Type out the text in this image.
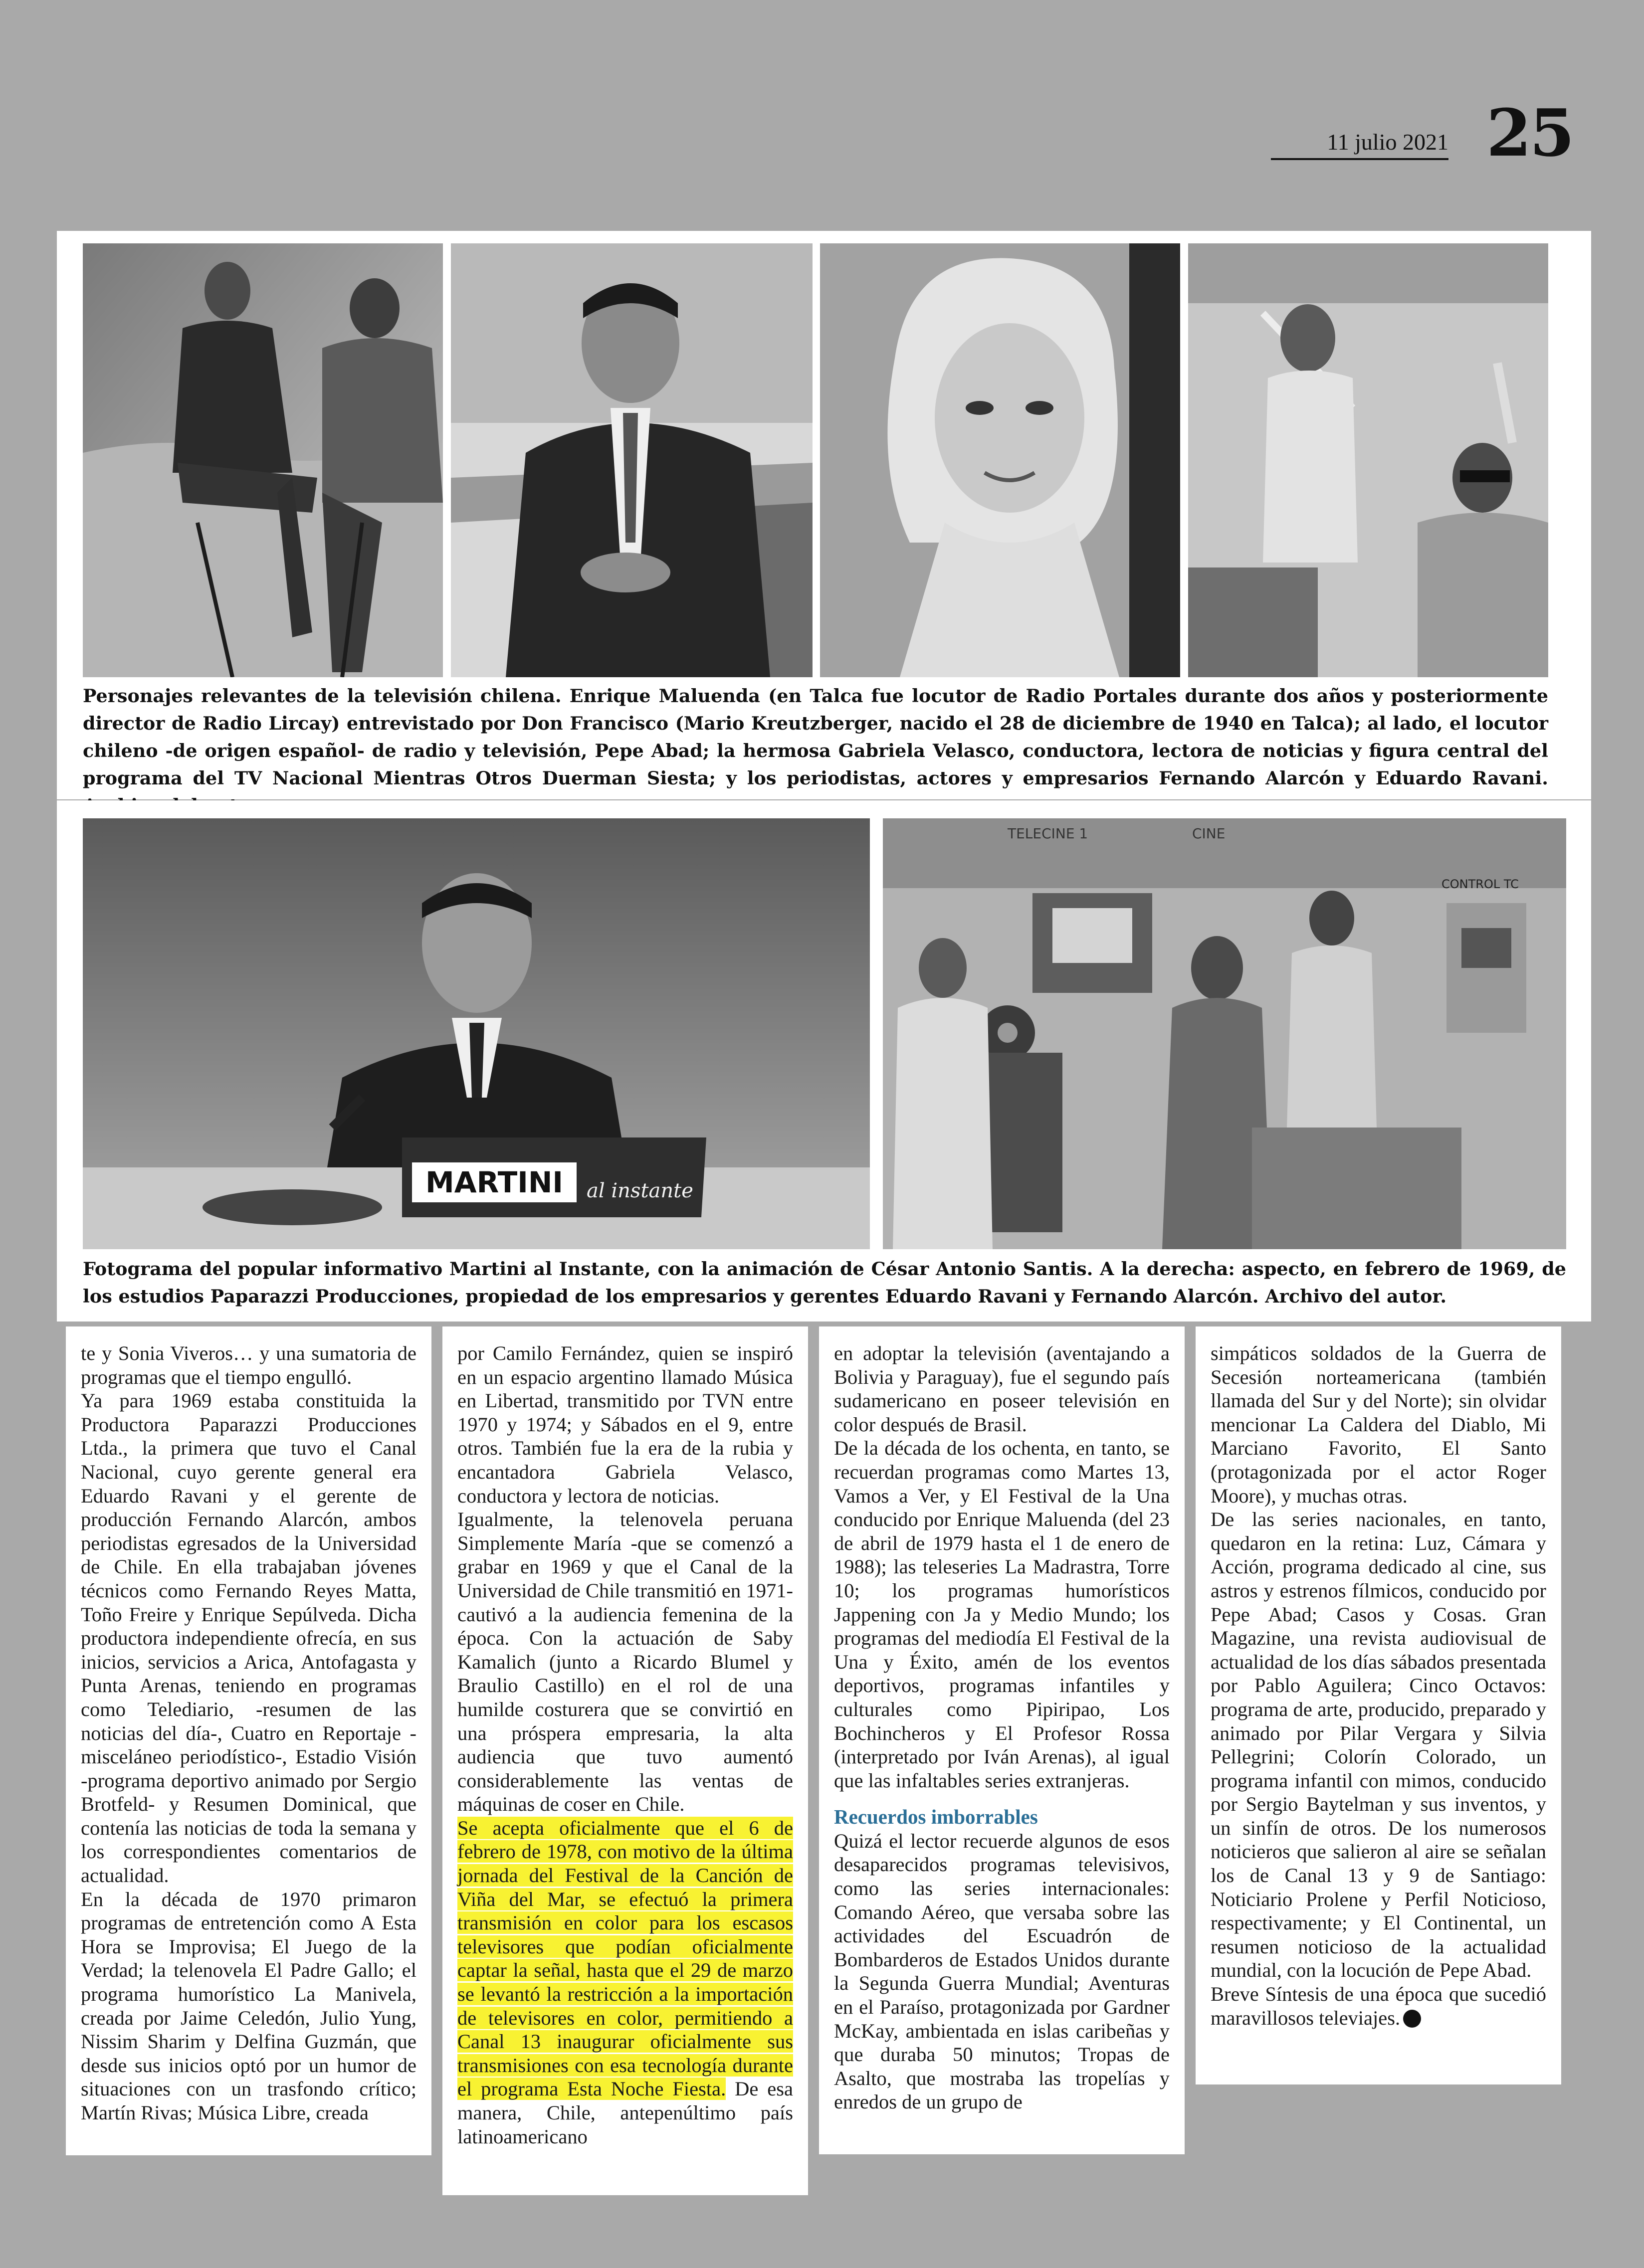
11 julio 2021 25
Personajes relevantes de la televisión chilena. Enrique Maluenda (en Talca fue locutor de Radio Portales durante dos años y posteriormente director de Radio Lircay) entrevistado por Don Francisco (Mario Kreutzberger, nacido el 28 de diciembre de 1940 en Talca); al lado, el locutor chileno -de origen español- de radio y televisión, Pepe Abad; la hermosa Gabriela Velasco, conductora, lectora de noticias y figura central del programa del TV Nacional Mientras Otros Duerman Siesta; y los periodistas, actores y empresarios Fernando Alarcón y Eduardo Ravani.
MARTINI al instante
TELECINE 1	CINE
CONTROL TC
Fotograma del popular informativo Martini al Instante, con la animación de César Antonio Santis. A la derecha: aspecto, en febrero de 1969, de los estudios Paparazzi Producciones, propiedad de los empresarios y gerentes Eduardo Ravani y Fernando Alarcón. Archivo del autor.

te y Sonia Viveros… y una sumatoria de programas que el tiempo engulló.

Ya para 1969 estaba constituida la Productora Paparazzi Producciones Ltda., la primera que tuvo el Canal Nacional, cuyo gerente general era Eduardo Ravani y el gerente de producción Fernando Alarcón, ambos periodistas egresados de la Universidad de Chile. En ella trabajaban jóvenes técnicos como Fernando Reyes Matta, Toño Freire y Enrique Sepúlveda. Dicha productora independiente ofrecía, en sus inicios, servicios a Arica, Antofagasta y Punta Arenas, teniendo en programas como Telediario, -resumen de las noticias del día-, Cuatro en Reportaje -misceláneo periodístico-, Estadio Visión -programa deportivo animado por Sergio Brotfeld- y Resumen Dominical, que contenía las noticias de toda la semana y los correspondientes comentarios de actualidad.

En la década de 1970 primaron programas de entretención como A Esta Hora se Improvisa; El Juego de la Verdad; la telenovela El Padre Gallo; el programa humorístico La Manivela, creada por Jaime Celedón, Julio Yung, Nissim Sharim y Delfina Guzmán, que desde sus inicios optó por un humor de situaciones con un trasfondo crítico; Martín Rivas; Música Libre, creada

por Camilo Fernández, quien se inspiró en un espacio argentino llamado Música en Libertad, transmitido por TVN entre 1970 y 1974; y Sábados en el 9, entre otros. También fue la era de la rubia y encantadora Gabriela Velasco, conductora y lectora de noticias.

Igualmente, la telenovela peruana Simplemente María -que se comenzó a grabar en 1969 y que el Canal de la Universidad de Chile transmitió en 1971- cautivó a la audiencia femenina de la época. Con la actuación de Saby Kamalich (junto a Ricardo Blumel y Braulio Castillo) en el rol de una humilde costurera que se convirtió en una próspera empresaria, la alta audiencia que tuvo aumentó considerablemente las ventas de máquinas de coser en Chile.

Se acepta oficialmente que el 6 de febrero de 1978, con motivo de la última jornada del Festival de la Canción de Viña del Mar, se efectuó la primera transmisión en color para los escasos televisores que podían oficialmente captar la señal, hasta que el 29 de marzo se levantó la restricción a la importación de televisores en color, permitiendo a Canal 13 inaugurar oficialmente sus transmisiones con esa tecnología durante el programa Esta Noche Fiesta. De esa manera, Chile, antepenúltimo país latinoamericano

en adoptar la televisión (aventajando a Bolivia y Paraguay), fue el segundo país sudamericano en poseer televisión en color después de Brasil.

De la década de los ochenta, en tanto, se recuerdan programas como Martes 13, Vamos a Ver, y El Festival de la Una conducido por Enrique Maluenda (del 23 de abril de 1979 hasta el 1 de enero de 1988); las teleseries La Madrastra, Torre 10; los programas humorísticos Jappening con Ja y Medio Mundo; los programas del mediodía El Festival de la Una y Éxito, amén de los eventos deportivos, programas infantiles y culturales como Pipiripao, Los Bochincheros y El Profesor Rossa (interpretado por Iván Arenas), al igual que las infaltables series extranjeras.

Recuerdos imborrables

Quizá el lector recuerde algunos de esos desaparecidos programas televisivos, como las series internacionales: Comando Aéreo, que versaba sobre las actividades del Escuadrón de Bombarderos de Estados Unidos durante la Segunda Guerra Mundial; Aventuras en el Paraíso, protagonizada por Gardner McKay, ambientada en islas caribeñas y que duraba 50 minutos; Tropas de Asalto, que mostraba las tropelías y enredos de un grupo de

simpáticos soldados de la Guerra de Secesión norteamericana (también llamada del Sur y del Norte); sin olvidar mencionar La Caldera del Diablo, Mi Marciano Favorito, El Santo (protagonizada por el actor Roger Moore), y muchas otras.

De las series nacionales, en tanto, quedaron en la retina: Luz, Cámara y Acción, programa dedicado al cine, sus astros y estrenos fílmicos, conducido por Pepe Abad; Casos y Cosas. Gran Magazine, una revista audiovisual de actualidad de los días sábados presentada por Pablo Aguilera; Cinco Octavos: programa de arte, producido, preparado y animado por Pilar Vergara y Silvia Pellegrini; Colorín Colorado, un programa infantil con mimos, conducido por Sergio Baytelman y sus inventos, y un sinfín de otros. De los numerosos noticieros que salieron al aire se señalan los de Canal 13 y 9 de Santiago: Noticiario Prolene y Perfil Noticioso, respectivamente; y El Continental, un resumen noticioso de la actualidad mundial, con la locución de Pepe Abad.

Breve Síntesis de una época que sucedió maravillosos televiajes.
